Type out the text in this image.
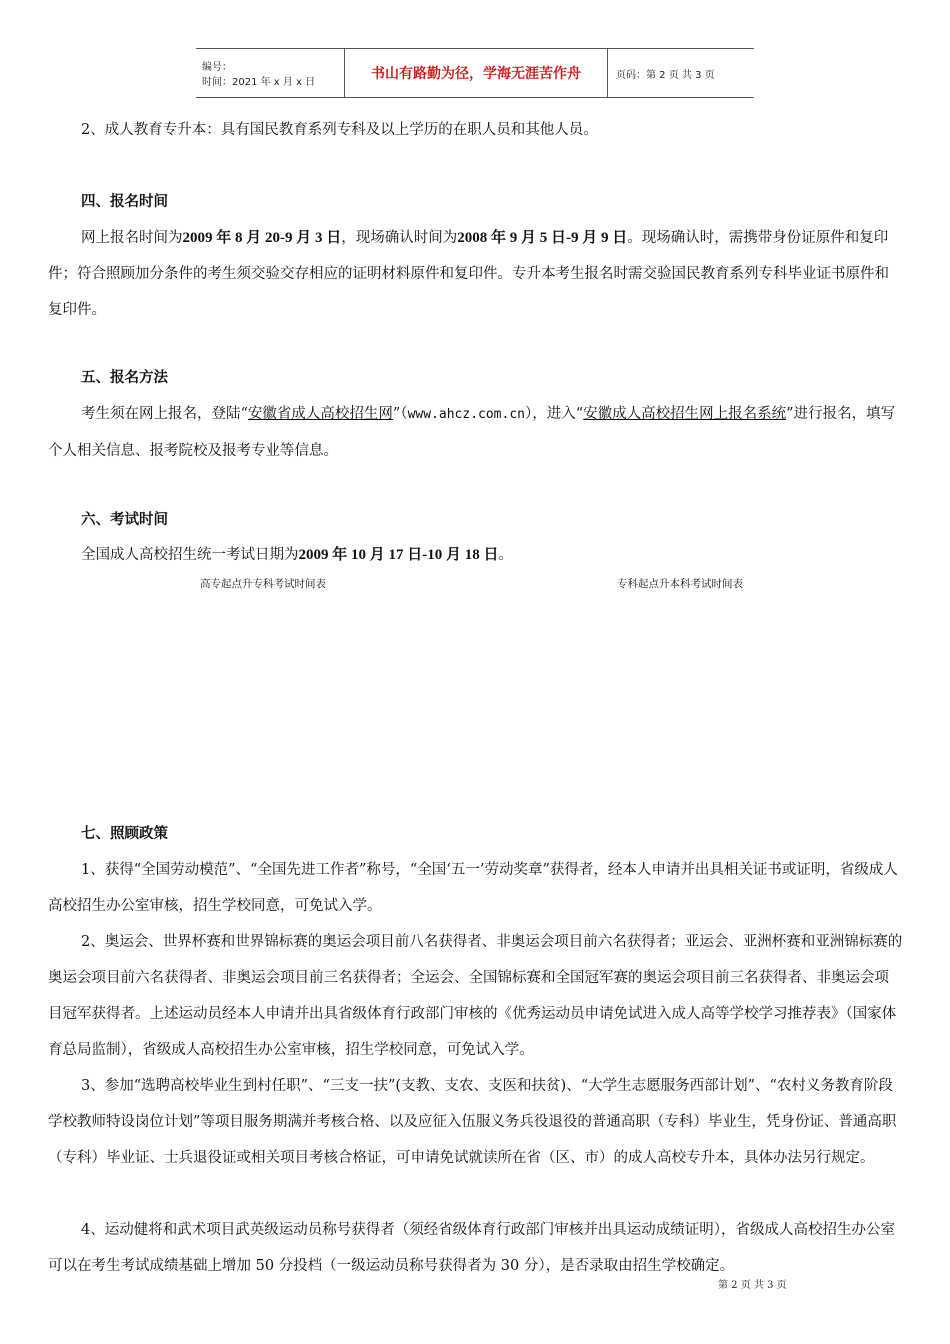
编号：
时间：2021 年 x 月 x 日
书山有路勤为径，学海无涯苦作舟	页码：第 2 页 共 3 页

2、成人教育专升本：具有国民教育系列专科及以上学历的在职人员和其他人员。

四、报名时间

网上报名时间为2009 年 8 月 20-9 月 3 日，现场确认时间为2008 年 9 月 5 日-9 月 9 日。现场确认时，需携带身份证原件和复印件；符合照顾加分条件的考生须交验交存相应的证明材料原件和复印件。专升本考生报名时需交验国民教育系列专科毕业证书原件和复印件。

五、报名方法

考生须在网上报名，登陆“安徽省成人高校招生网”（www.ahcz.com.cn），进入“安徽成人高校招生网上报名系统”进行报名，填写个人相关信息、报考院校及报考专业等信息。

六、考试时间

全国成人高校招生统一考试日期为2009 年 10 月 17 日-10 月 18 日。

高专起点升专科考试时间表	专科起点升本科考试时间表

七、照顾政策

1、获得“全国劳动模范”、“全国先进工作者”称号，“全国‘五一’劳动奖章”获得者，经本人申请并出具相关证书或证明，省级成人高校招生办公室审核，招生学校同意，可免试入学。

2、奥运会、世界杯赛和世界锦标赛的奥运会项目前八名获得者、非奥运会项目前六名获得者；亚运会、亚洲杯赛和亚洲锦标赛的奥运会项目前六名获得者、非奥运会项目前三名获得者；全运会、全国锦标赛和全国冠军赛的奥运会项目前三名获得者、非奥运会项目冠军获得者。上述运动员经本人申请并出具省级体育行政部门审核的《优秀运动员申请免试进入成人高等学校学习推荐表》（国家体育总局监制），省级成人高校招生办公室审核，招生学校同意，可免试入学。

3、参加“选聘高校毕业生到村任职”、“三支一扶”(支教、支农、支医和扶贫)、“大学生志愿服务西部计划”、“农村义务教育阶段学校教师特设岗位计划”等项目服务期满并考核合格、以及应征入伍服义务兵役退役的普通高职（专科）毕业生，凭身份证、普通高职（专科）毕业证、士兵退役证或相关项目考核合格证，可申请免试就读所在省（区、市）的成人高校专升本，具体办法另行规定。

4、运动健将和武术项目武英级运动员称号获得者（须经省级体育行政部门审核并出具运动成绩证明），省级成人高校招生办公室可以在考生考试成绩基础上增加 50 分投档（一级运动员称号获得者为 30 分），是否录取由招生学校确定。

第 2 页 共 3 页
